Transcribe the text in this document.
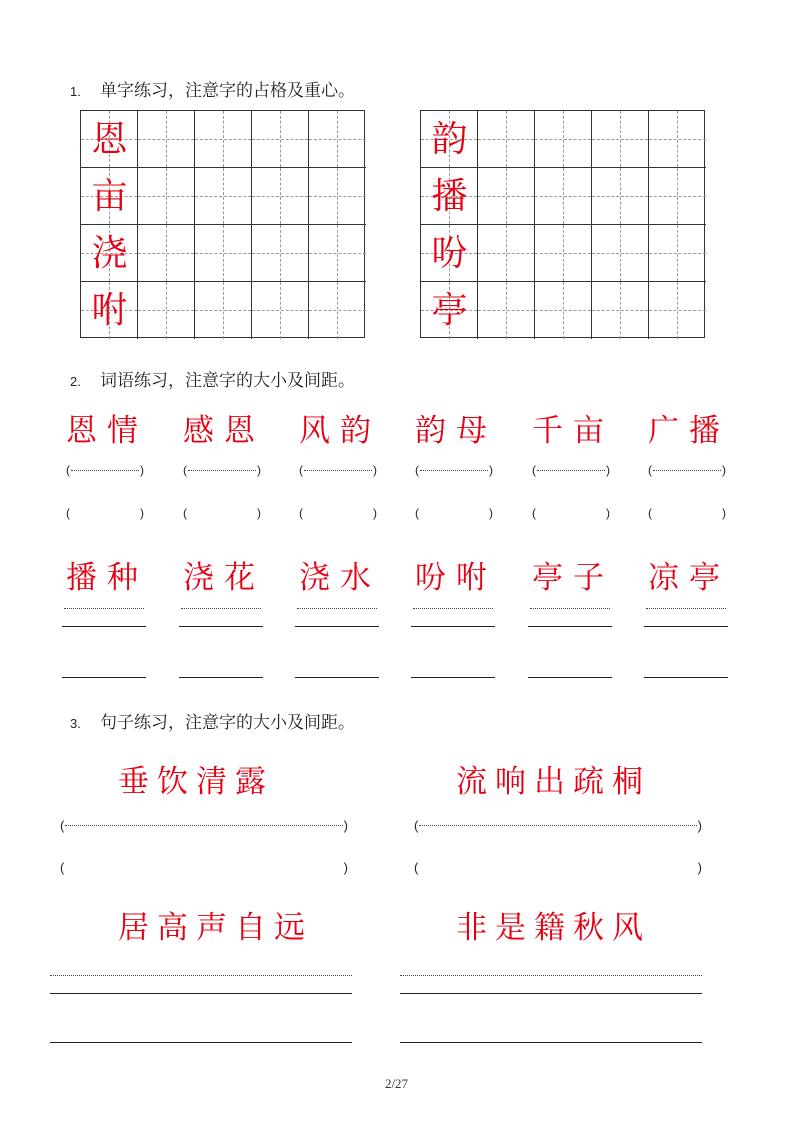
1.	单字练习，注意字的占格及重心。
恩
亩
浇
咐
韵
播
吩
亭
2.	词语练习，注意字的大小及间距。
恩情
(	)
(	)
感恩
(	)
(	)
风韵
(	)
(	)
韵母
(	)
(	)
千亩
(	)
(	)
广播
(	)
(	)
播种 浇花 浇水 吩咐 亭子 凉亭
3.	句子练习，注意字的大小及间距。
垂饮清露	流响出疏桐
(	)	(	)
(	)	(	)
居高声自远	非是籍秋风
2/27
